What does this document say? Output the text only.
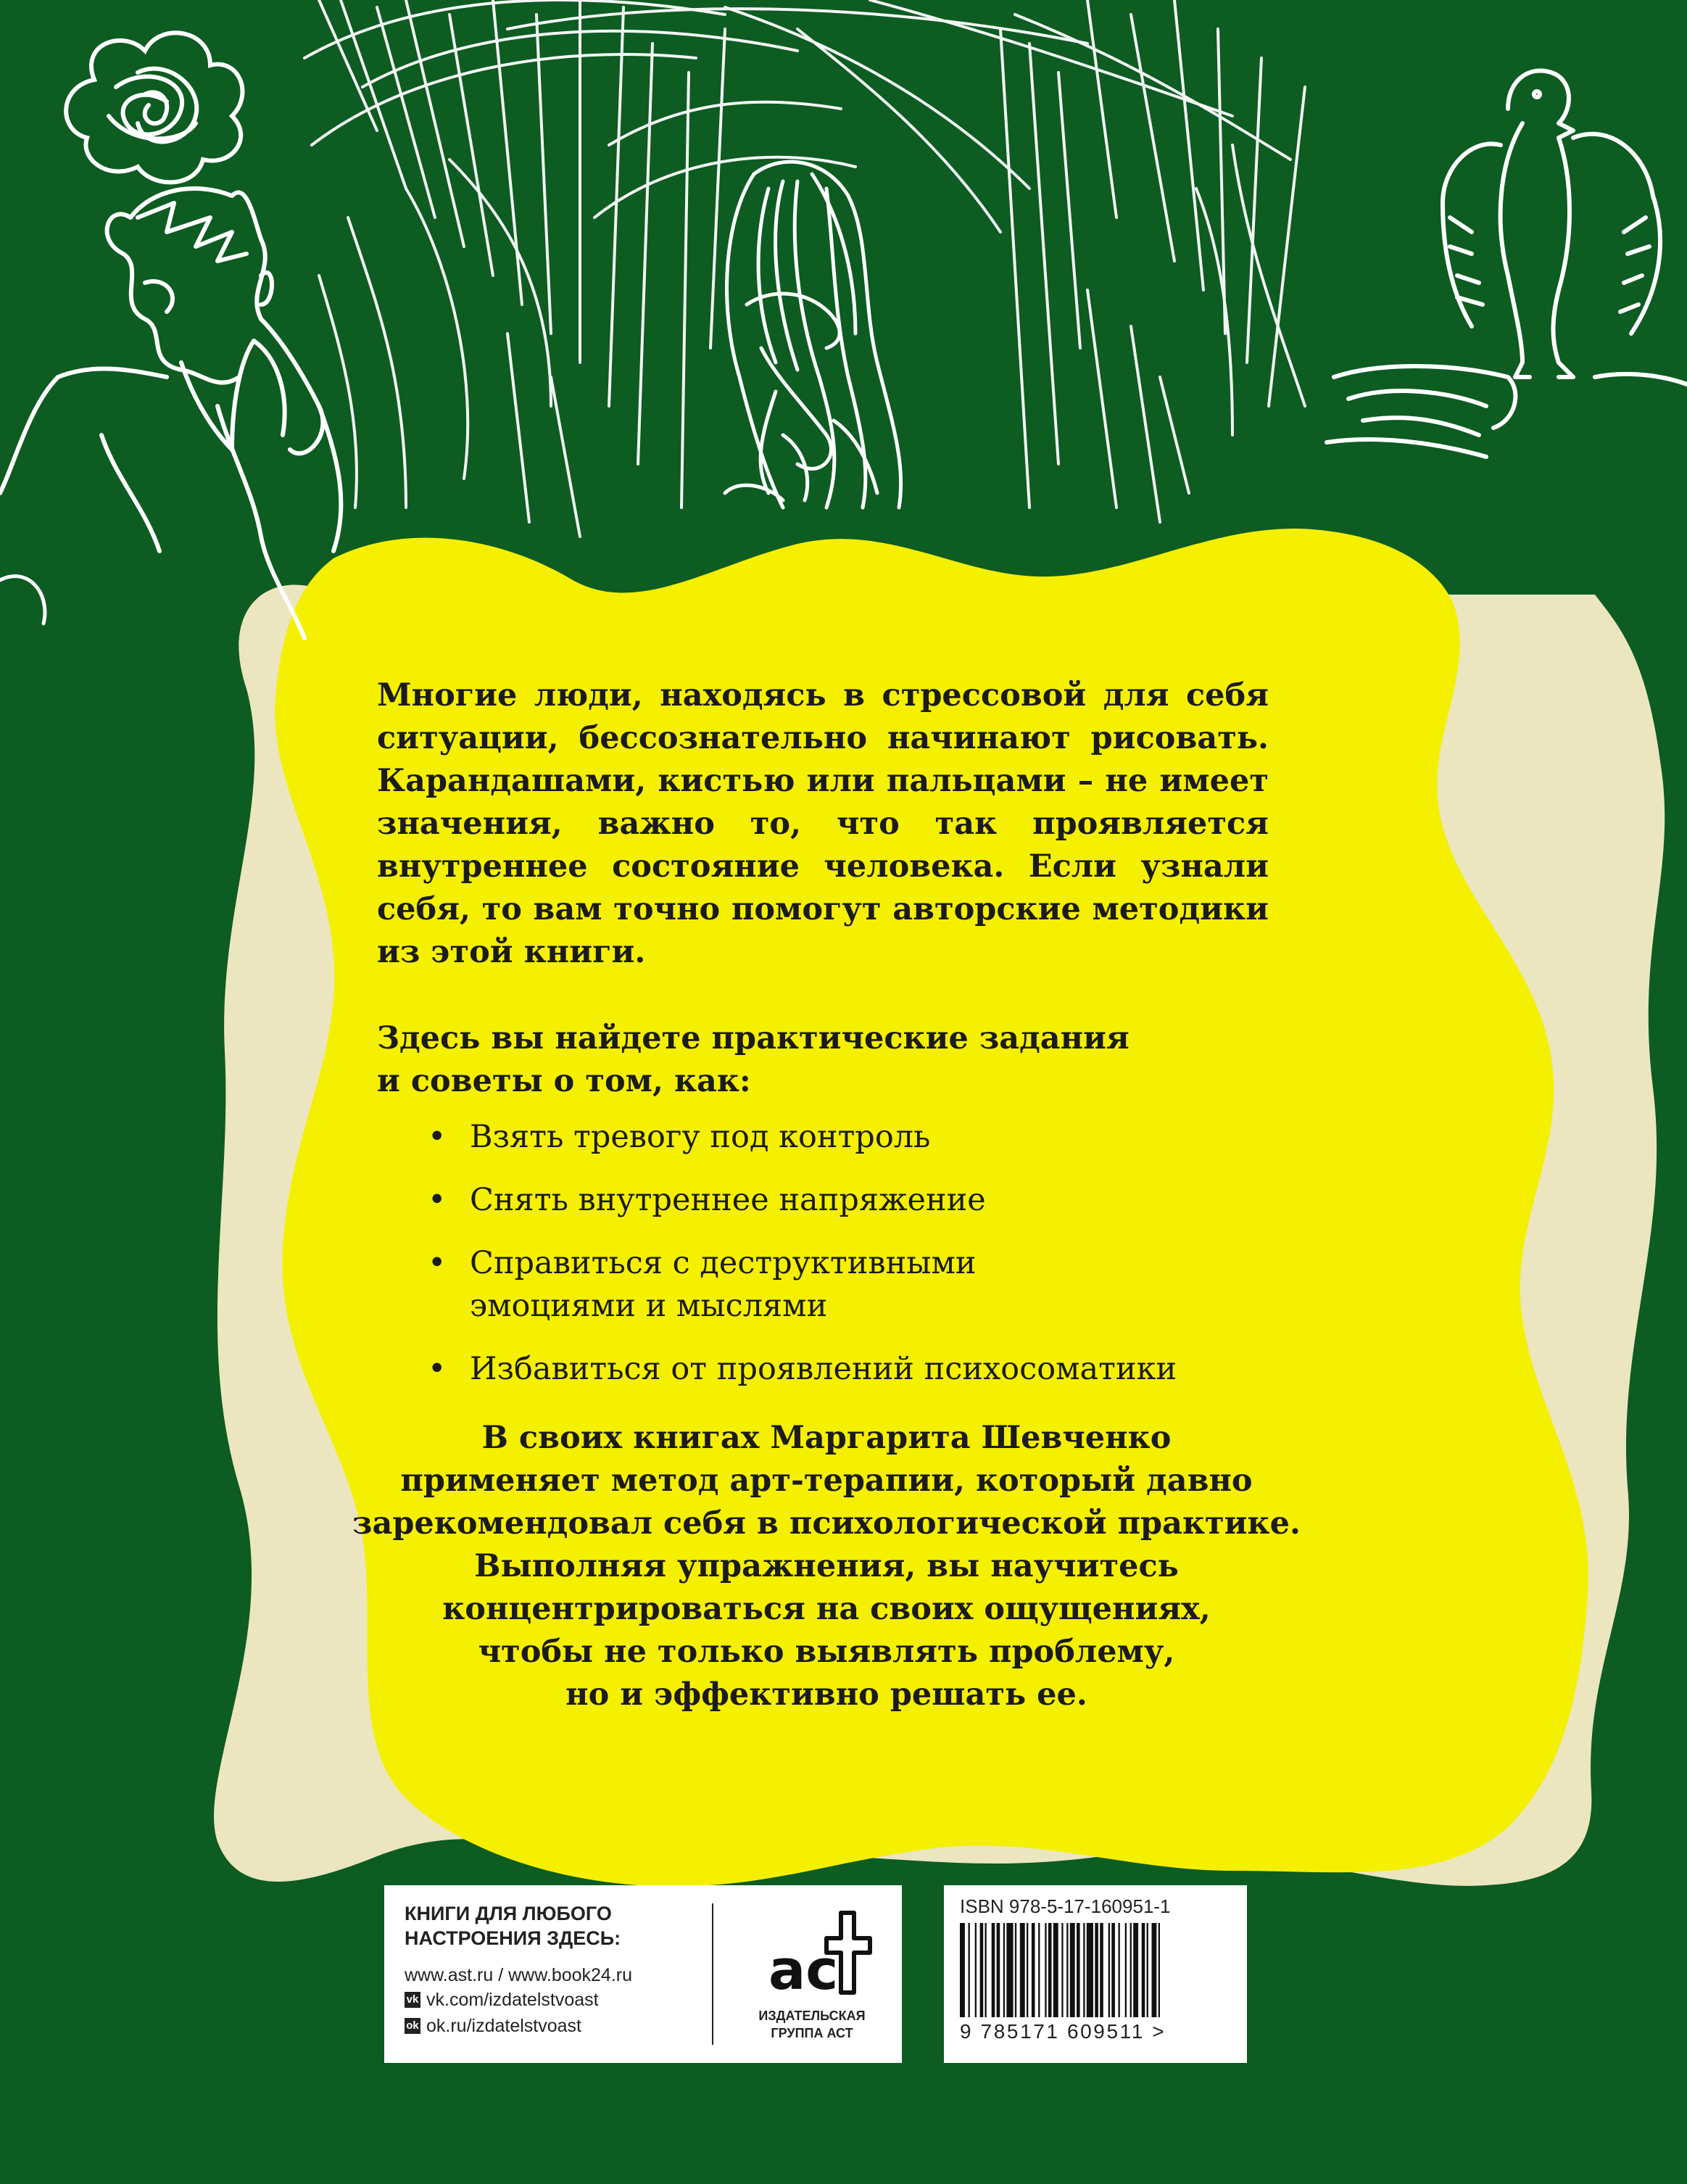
Многие люди, находясь в стрессовой для себя ситуации, бессознательно начинают рисовать. Карандашами, кистью или пальцами – не имеет значения, важно то, что так проявляется внутреннее состояние человека. Если узнали себя, то вам точно помогут авторские методики из этой книги.

Здесь вы найдете практические задания
и советы о том, как:

• Взять тревогу под контроль
• Снять внутреннее напряжение
• Справиться с деструктивными
эмоциями и мыслями
• Избавиться от проявлений психосоматики

В своих книгах Маргарита Шевченко
применяет метод арт-терапии, который давно
зарекомендовал себя в психологической практике.
Выполняя упражнения, вы научитесь
концентрироваться на своих ощущениях,
чтобы не только выявлять проблему,
но и эффективно решать ее.

КНИГИ ДЛЯ ЛЮБОГО
НАСТРОЕНИЯ ЗДЕСЬ:

www.ast.ru / www.book24.ru
vk vk.com/izdatelstvoast
ok ok.ru/izdatelstvoast
ас
ИЗДАТЕЛЬСКАЯ
ГРУППА АСТ
ISBN 978-5-17-160951-1
9 785171 609511 >
